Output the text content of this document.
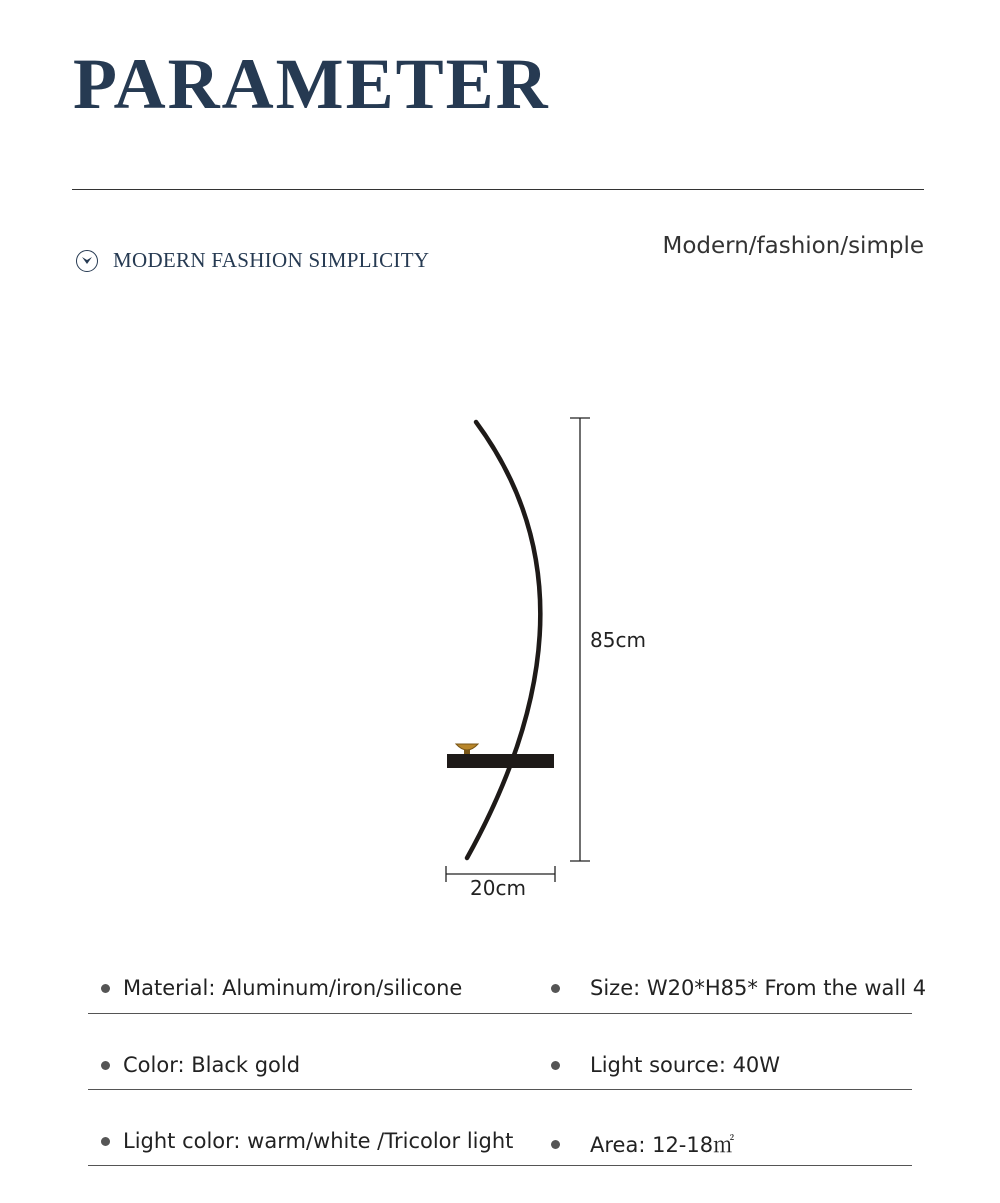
PARAMETER
MODERN FASHION SIMPLICITY
Modern/fashion/simple
85cm
20cm
Material: Aluminum/iron/silicone	Size: W20*H85* From the wall 4
Color: Black gold	Light source: 40W
Light color: warm/white /Tricolor light	Area: 12-18㎡
